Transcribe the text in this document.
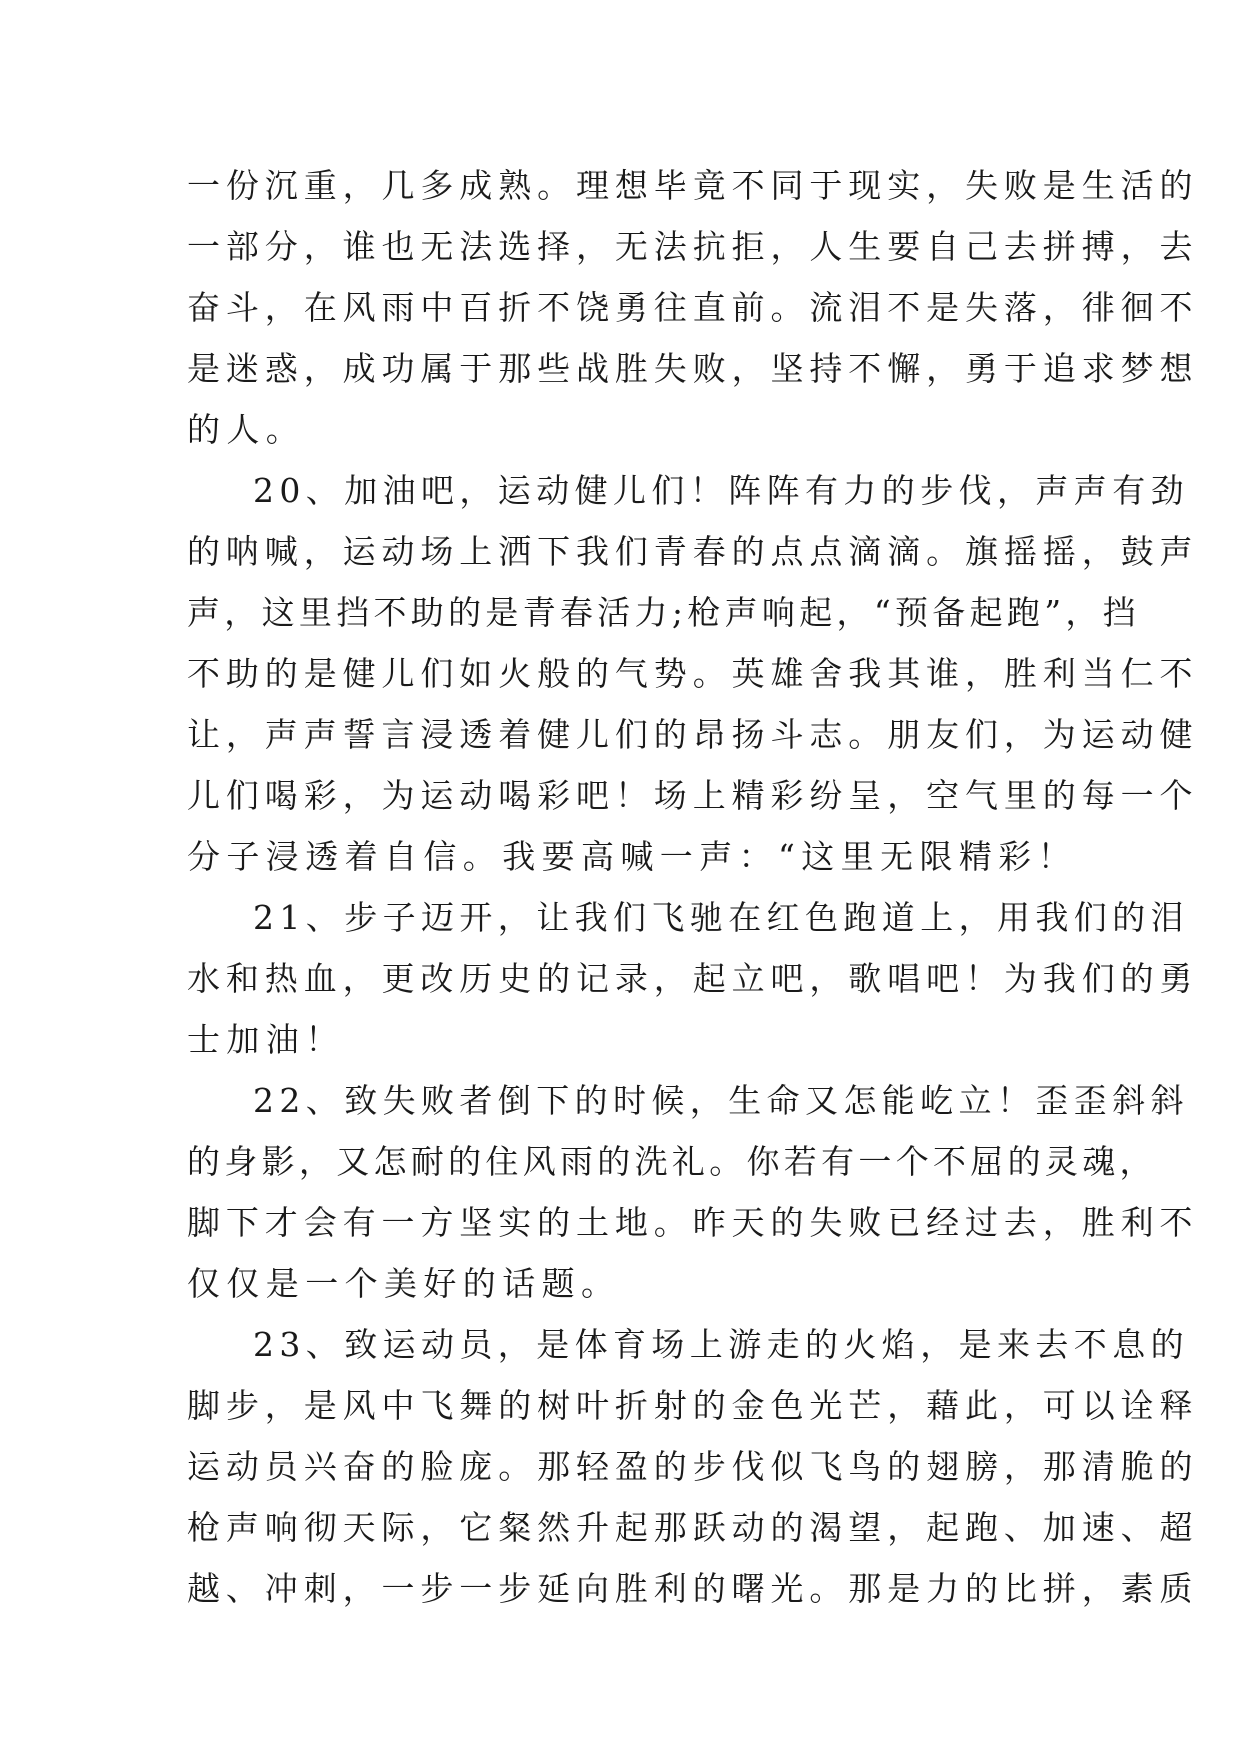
一份沉重，几多成熟。理想毕竟不同于现实，失败是生活的
一部分，谁也无法选择，无法抗拒，人生要自己去拼搏，去
奋斗，在风雨中百折不饶勇往直前。流泪不是失落，徘徊不
是迷惑，成功属于那些战胜失败，坚持不懈，勇于追求梦想
的人。
20、加油吧，运动健儿们！阵阵有力的步伐，声声有劲
的呐喊，运动场上洒下我们青春的点点滴滴。旗摇摇，鼓声
声，这里挡不助的是青春活力;枪声响起，“预备起跑”，挡
不助的是健儿们如火般的气势。英雄舍我其谁，胜利当仁不
让，声声誓言浸透着健儿们的昂扬斗志。朋友们，为运动健
儿们喝彩，为运动喝彩吧！场上精彩纷呈，空气里的每一个
分子浸透着自信。我要高喊一声：“这里无限精彩！
21、步子迈开，让我们飞驰在红色跑道上，用我们的泪
水和热血，更改历史的记录，起立吧，歌唱吧！为我们的勇
士加油！
22、致失败者倒下的时候，生命又怎能屹立！歪歪斜斜
的身影，又怎耐的住风雨的洗礼。你若有一个不屈的灵魂，
脚下才会有一方坚实的土地。昨天的失败已经过去，胜利不
仅仅是一个美好的话题。
23、致运动员，是体育场上游走的火焰，是来去不息的
脚步，是风中飞舞的树叶折射的金色光芒，藉此，可以诠释
运动员兴奋的脸庞。那轻盈的步伐似飞鸟的翅膀，那清脆的
枪声响彻天际，它粲然升起那跃动的渴望，起跑、加速、超
越、冲刺，一步一步延向胜利的曙光。那是力的比拼，素质
